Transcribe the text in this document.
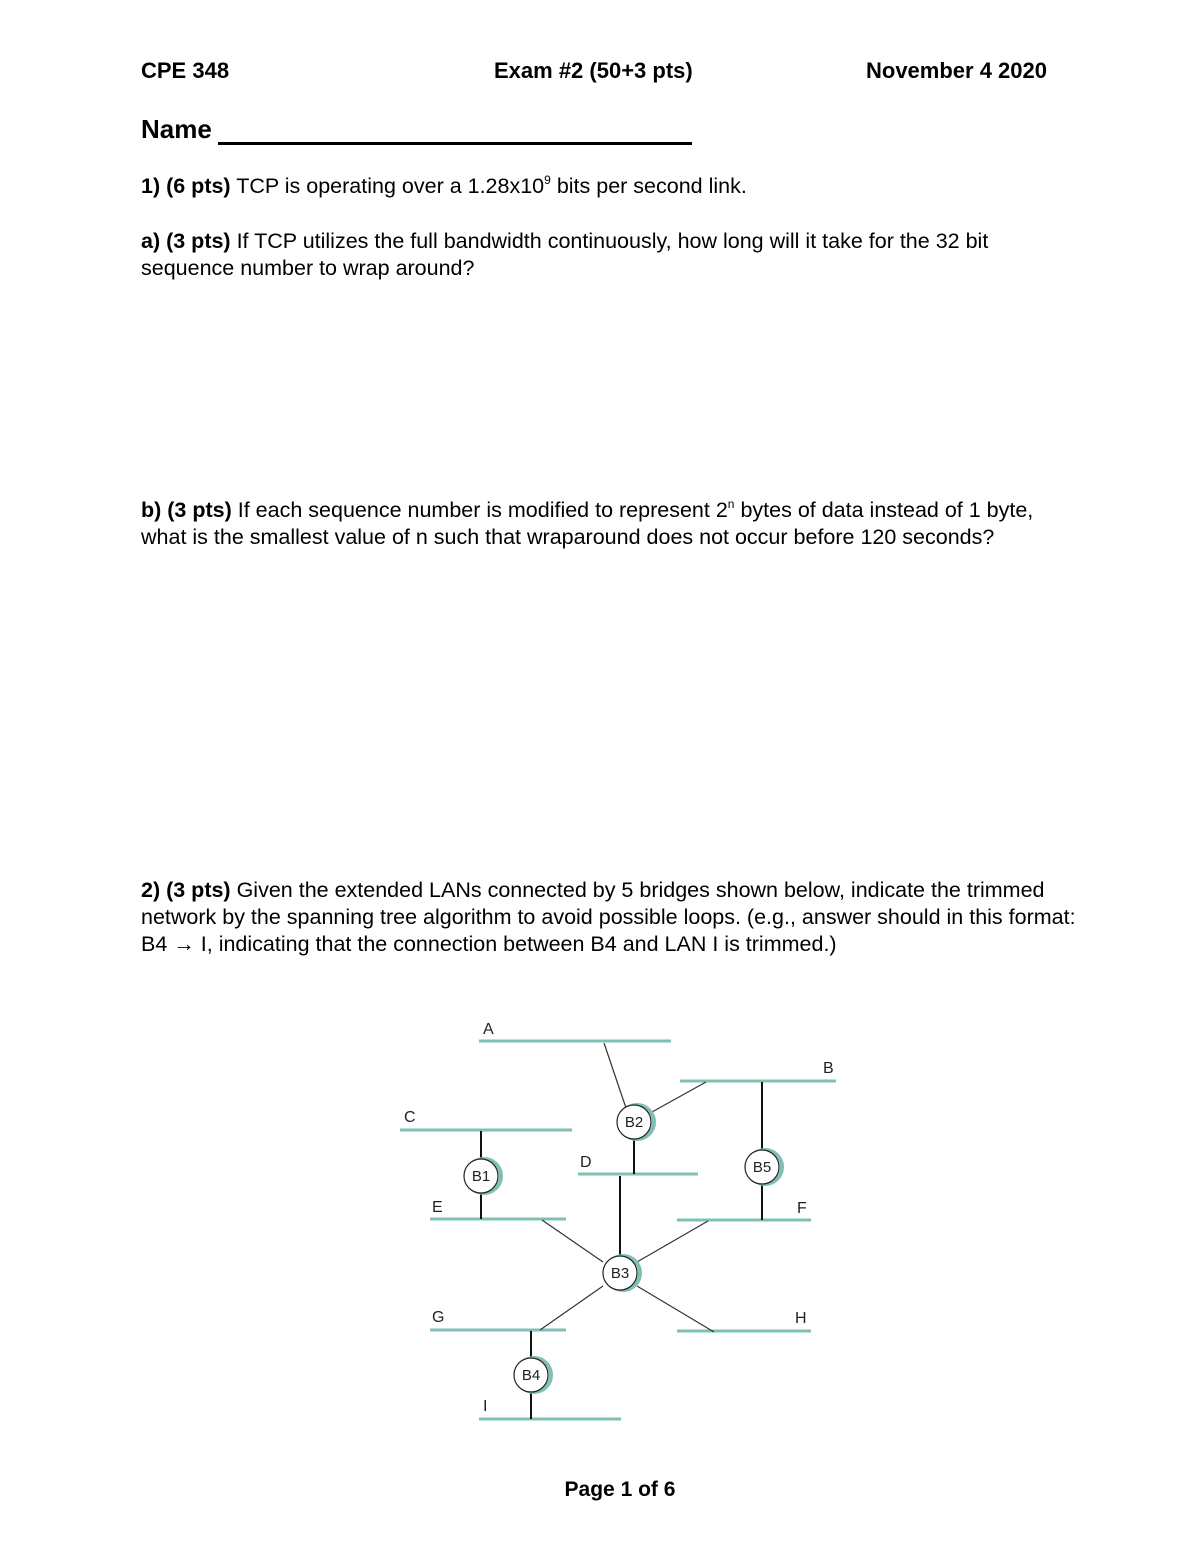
CPE 348	Exam #2 (50+3 pts)	November 4 2020
Name
1) (6 pts) TCP is operating over a $1.28x10^9$ bits per second link.
a) (3 pts) If TCP utilizes the full bandwidth continuously, how long will it take for the 32 bit sequence number to wrap around?
b) (3 pts) If each sequence number is modified to represent 2$^n$ bytes of data instead of 1 byte, what is the smallest value of n such that wraparound does not occur before 120 seconds?
2) (3 pts) Given the extended LANs connected by 5 bridges shown below, indicate the trimmed network by the spanning tree algorithm to avoid possible loops. (e.g., answer should in this format: B4 → I, indicating that the connection between B4 and LAN I is trimmed.)
B1
B2
B3
B4
B5
A
B
C
D
E	F
G	H
I
Page 1 of 6
